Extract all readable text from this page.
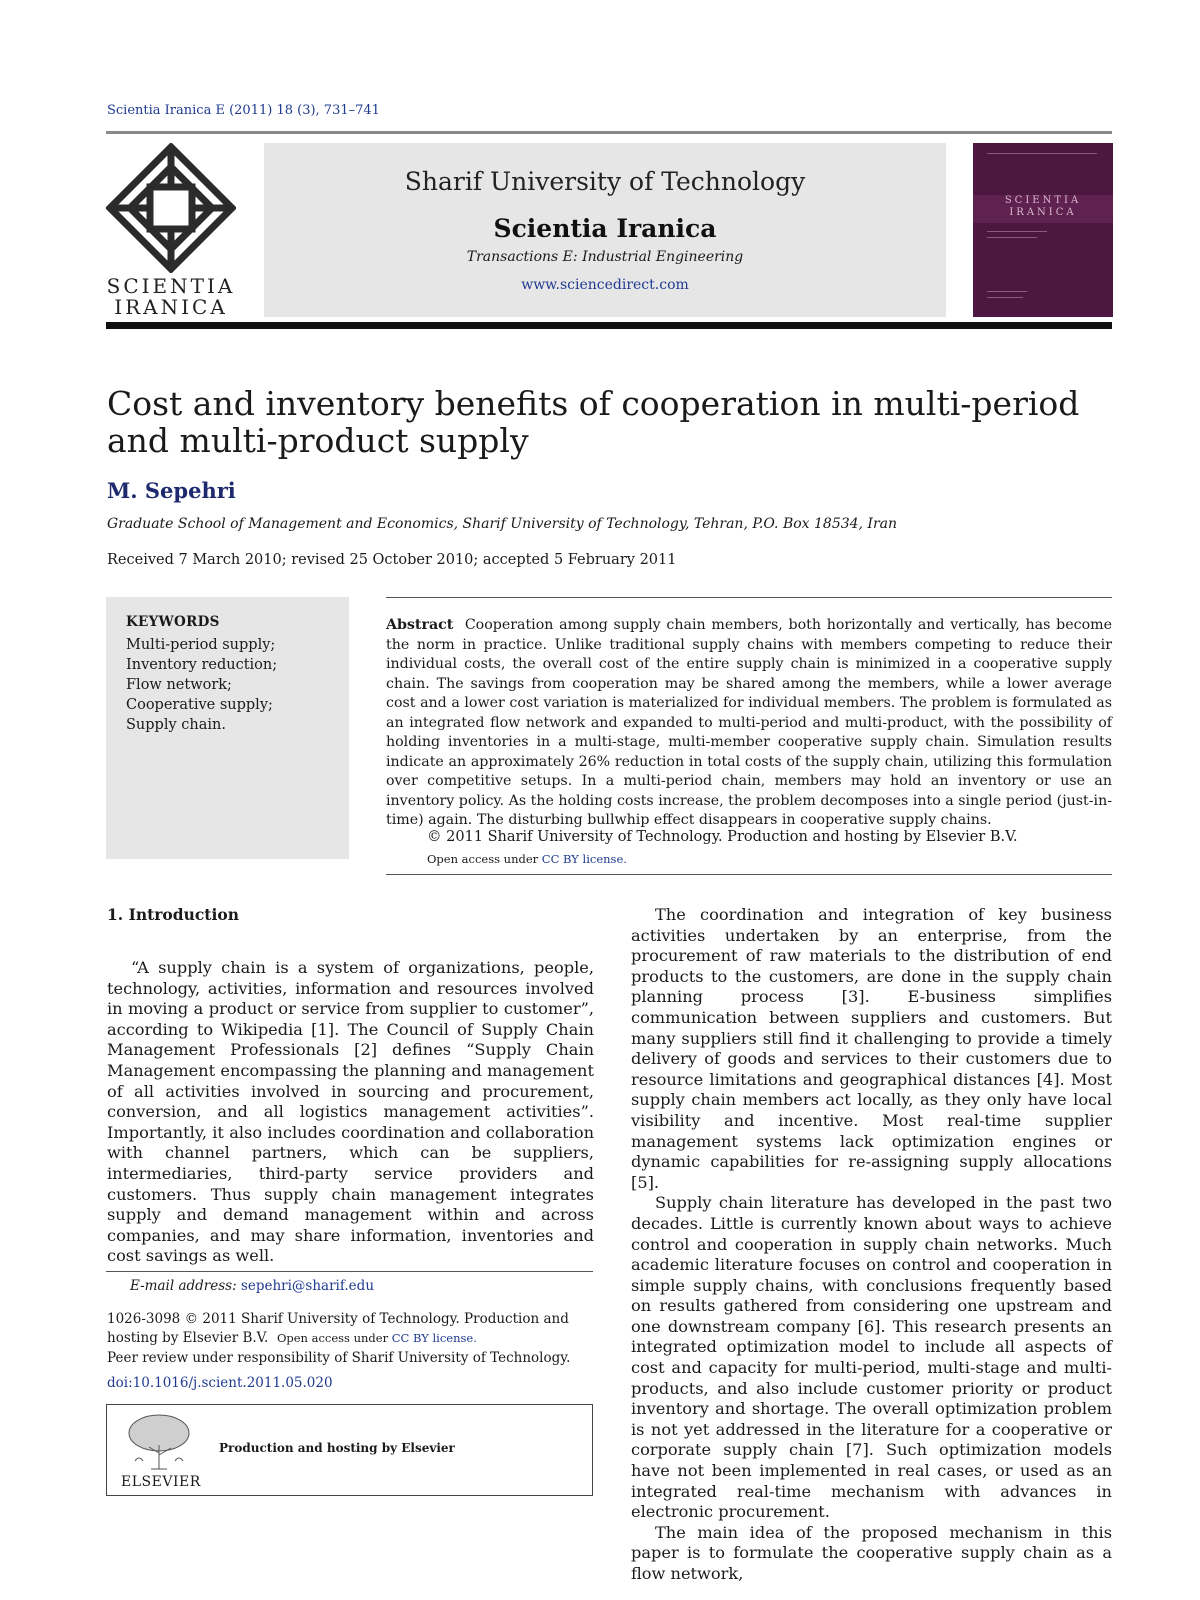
Scientia Iranica E (2011) 18 (3), 731–741
SCIENTIA
IRANICA
Sharif University of Technology
Scientia Iranica
Transactions E: Industrial Engineering
www.sciencedirect.com
SCIENTIA
IRANICA
Cost and inventory benefits of cooperation in multi-period and multi-product supply
M. Sepehri
Graduate School of Management and Economics, Sharif University of Technology, Tehran, P.O. Box 18534, Iran
Received 7 March 2010; revised 25 October 2010; accepted 5 February 2011
KEYWORDS
Multi-period supply;
Inventory reduction;
Flow network;
Cooperative supply;
Supply chain.
Abstract Cooperation among supply chain members, both horizontally and vertically, has become the norm in practice. Unlike traditional supply chains with members competing to reduce their individual costs, the overall cost of the entire supply chain is minimized in a cooperative supply chain. The savings from cooperation may be shared among the members, while a lower average cost and a lower cost variation is materialized for individual members. The problem is formulated as an integrated flow network and expanded to multi-period and multi-product, with the possibility of holding inventories in a multi-stage, multi-member cooperative supply chain. Simulation results indicate an approximately 26% reduction in total costs of the supply chain, utilizing this formulation over competitive setups. In a multi-period chain, members may hold an inventory or use an inventory policy. As the holding costs increase, the problem decomposes into a single period (just-in-time) again. The disturbing bullwhip effect disappears in cooperative supply chains.
© 2011 Sharif University of Technology. Production and hosting by Elsevier B.V.
Open access under CC BY license.
1. Introduction

“A supply chain is a system of organizations, people, technology, activities, information and resources involved in moving a product or service from supplier to customer”, according to Wikipedia [1]. The Council of Supply Chain Management Professionals [2] defines “Supply Chain Management encompassing the planning and management of all activities involved in sourcing and procurement, conversion, and all logistics management activities”. Importantly, it also includes coordination and collaboration with channel partners, which can be suppliers, intermediaries, third-party service providers and customers. Thus supply chain management integrates supply and demand management within and across companies, and may share information, inventories and cost savings as well.

The coordination and integration of key business activities undertaken by an enterprise, from the procurement of raw materials to the distribution of end products to the customers, are done in the supply chain planning process [3]. E-business simplifies communication between suppliers and customers. But many suppliers still find it challenging to provide a timely delivery of goods and services to their customers due to resource limitations and geographical distances [4]. Most supply chain members act locally, as they only have local visibility and incentive. Most real-time supplier management systems lack optimization engines or dynamic capabilities for re-assigning supply allocations [5].

Supply chain literature has developed in the past two decades. Little is currently known about ways to achieve control and cooperation in supply chain networks. Much academic literature focuses on control and cooperation in simple supply chains, with conclusions frequently based on results gathered from considering one upstream and one downstream company [6]. This research presents an integrated optimization model to include all aspects of cost and capacity for multi-period, multi-stage and multi-products, and also include customer priority or product inventory and shortage. The overall optimization problem is not yet addressed in the literature for a cooperative or corporate supply chain [7]. Such optimization models have not been implemented in real cases, or used as an integrated real-time mechanism with advances in electronic procurement.

The main idea of the proposed mechanism in this paper is to formulate the cooperative supply chain as a flow network,

E-mail address: sepehri@sharif.edu
1026-3098 © 2011 Sharif University of Technology. Production and hosting by Elsevier B.V. Open access under CC BY license.
Peer review under responsibility of Sharif University of Technology.
doi:10.1016/j.scient.2011.05.020
ELSEVIER
Production and hosting by Elsevier
